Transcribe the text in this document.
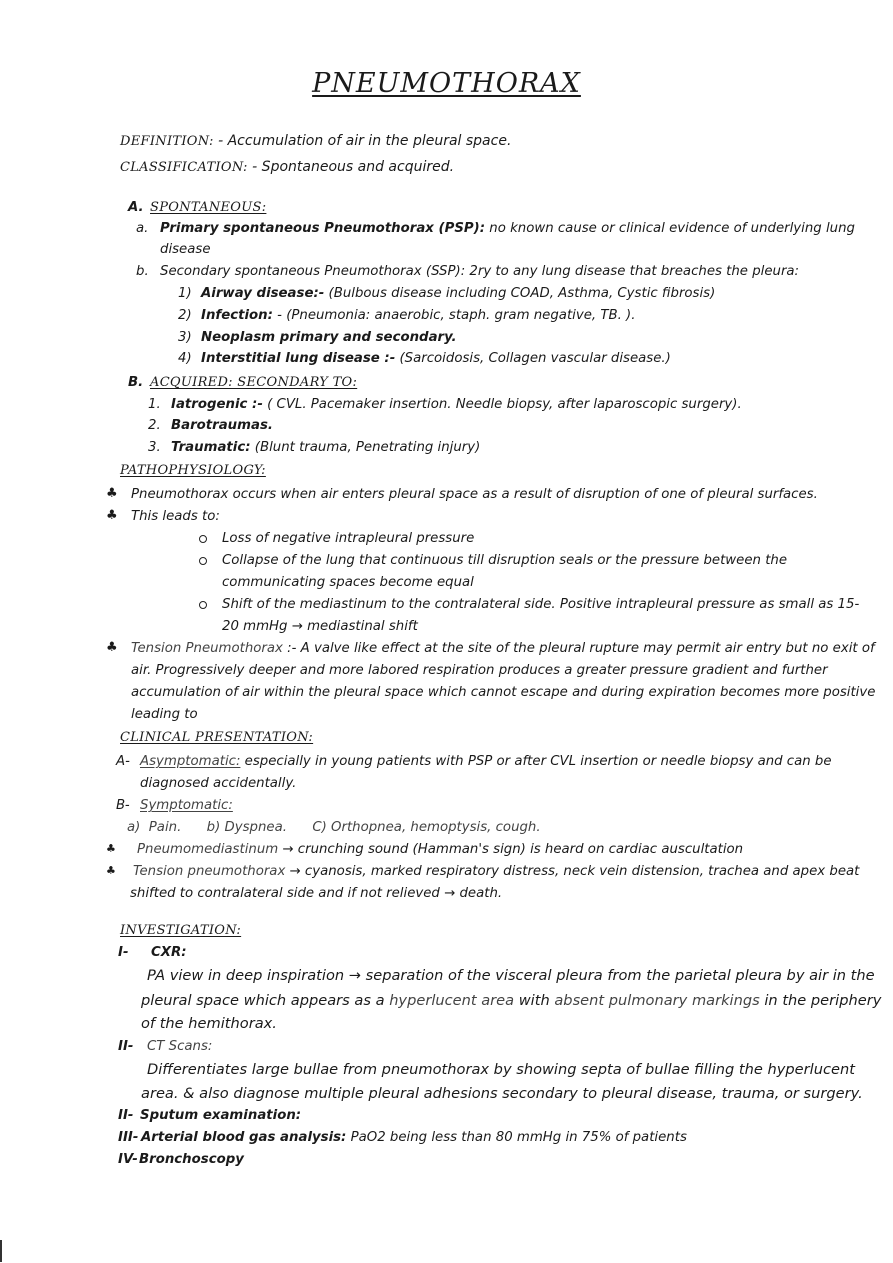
PNEUMOTHORAX
DEFINITION: - Accumulation of air in the pleural space.
CLASSIFICATION: - Spontaneous and acquired.
A. SPONTANEOUS:
a. Primary spontaneous Pneumothorax (PSP): no known cause or clinical evidence of underlying lung
disease
b. Secondary spontaneous Pneumothorax (SSP): 2ry to any lung disease that breaches the pleura:
1) Airway disease:- (Bulbous disease including COAD, Asthma, Cystic fibrosis)
2) Infection: - (Pneumonia: anaerobic, staph. gram negative, TB. ).
3) Neoplasm primary and secondary.
4) Interstitial lung disease :- (Sarcoidosis, Collagen vascular disease.)
B. ACQUIRED: SECONDARY TO:
1. Iatrogenic :- ( CVL. Pacemaker insertion. Needle biopsy, after laparoscopic surgery).
2. Barotraumas.
3. Traumatic: (Blunt trauma, Penetrating injury)
PATHOPHYSIOLOGY:
♣ Pneumothorax occurs when air enters pleural space as a result of disruption of one of pleural surfaces.
♣ This leads to:
Loss of negative intrapleural pressure
Collapse of the lung that continuous till disruption seals or the pressure between the
communicating spaces become equal
Shift of the mediastinum to the contralateral side. Positive intrapleural pressure as small as 15-
20 mmHg → mediastinal shift
♣ Tension Pneumothorax :- A valve like effect at the site of the pleural rupture may permit air entry but no exit of
air. Progressively deeper and more labored respiration produces a greater pressure gradient and further
accumulation of air within the pleural space which cannot escape and during expiration becomes more positive
leading to
CLINICAL PRESENTATION:
A- Asymptomatic: especially in young patients with PSP or after CVL insertion or needle biopsy and can be
diagnosed accidentally.
B- Symptomatic:
a)  Pain.      b) Dyspnea.      C) Orthopnea, hemoptysis, cough.
♣ Pneumomediastinum → crunching sound (Hamman's sign) is heard on cardiac auscultation
♣ Tension pneumothorax → cyanosis, marked respiratory distress, neck vein distension, trachea and apex beat
shifted to contralateral side and if not relieved → death.
INVESTIGATION:
I- CXR:
PA view in deep inspiration → separation of the visceral pleura from the parietal pleura by air in the
pleural space which appears as a hyperlucent area with absent pulmonary markings in the periphery
of the hemithorax.
II- CT Scans:
Differentiates large bullae from pneumothorax by showing septa of bullae filling the hyperlucent
area. & also diagnose multiple pleural adhesions secondary to pleural disease, trauma, or surgery.
II- Sputum examination:
III- Arterial blood gas analysis: PaO2 being less than 80 mmHg in 75% of patients
IV- Bronchoscopy
